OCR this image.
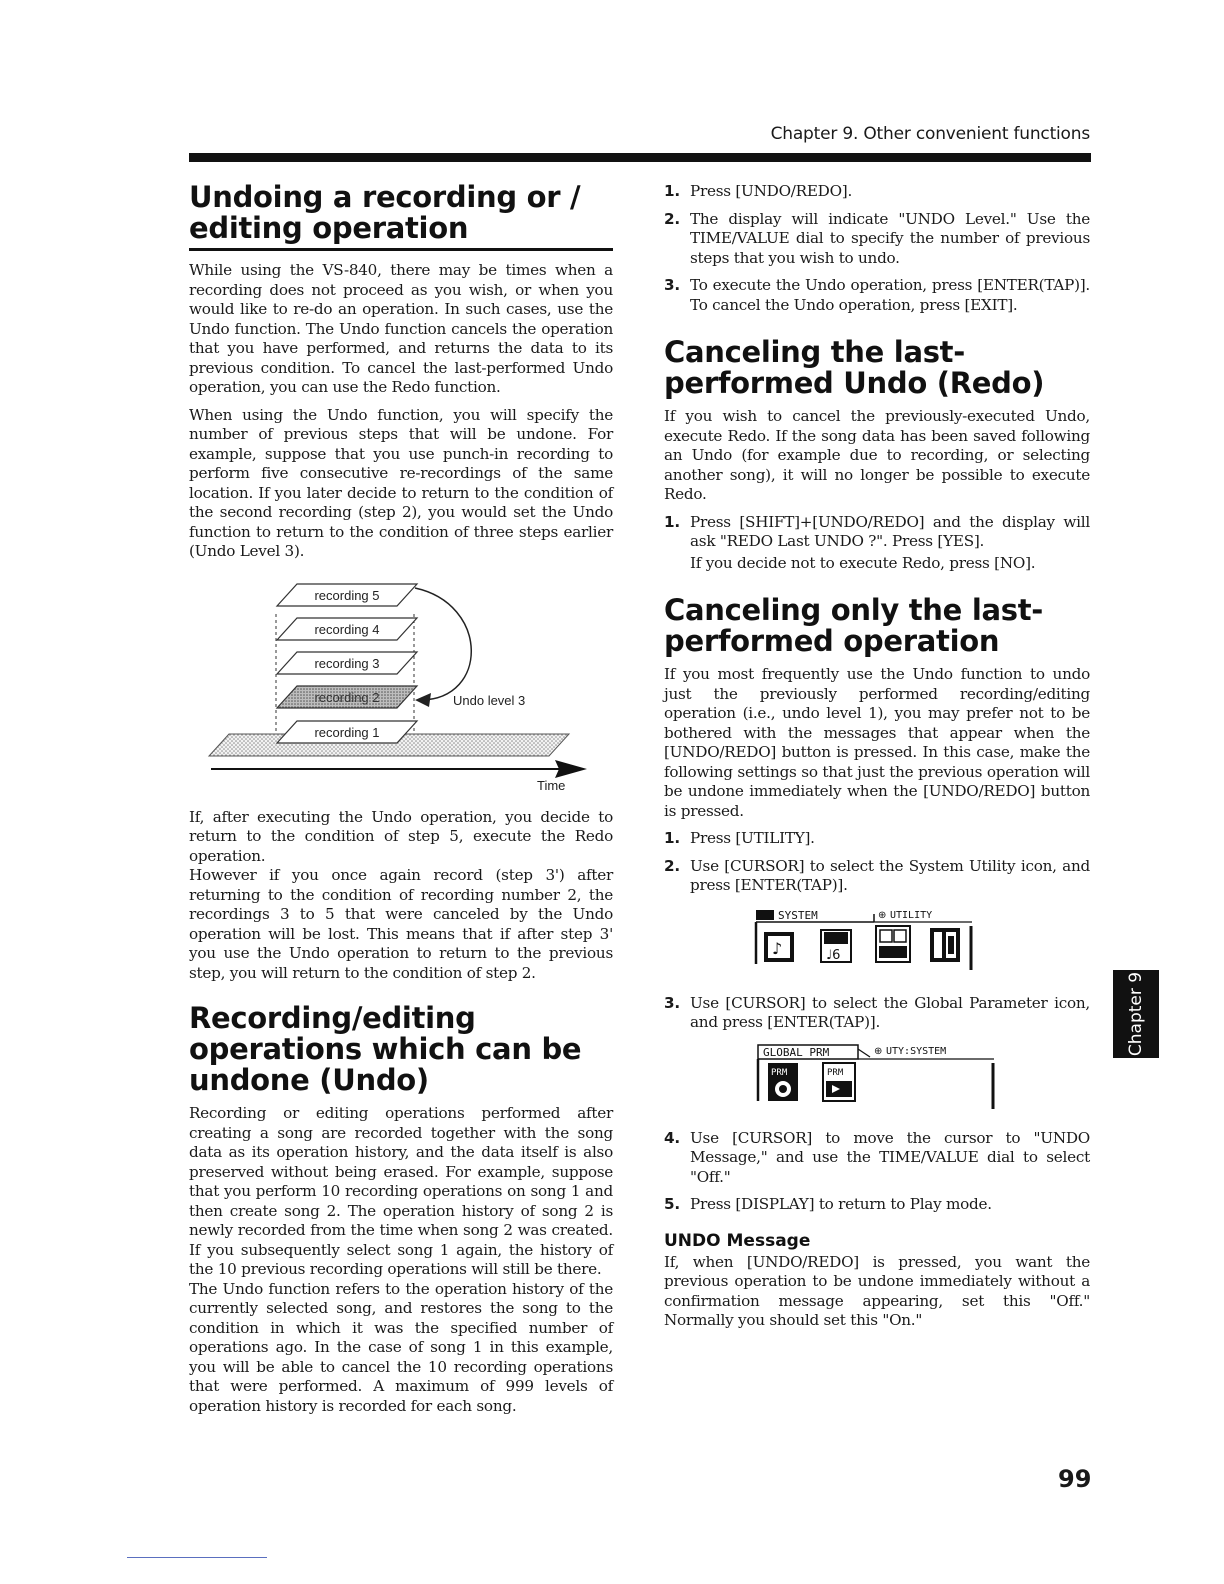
Chapter 9. Other convenient functions
Undoing a recording or / editing operation

While using the VS-840, there may be times when a recording does not proceed as you wish, or when you would like to re-do an operation. In such cases, use the Undo function. The Undo function cancels the operation that you have performed, and returns the data to its previous condition. To cancel the last-performed Undo operation, you can use the Redo function.

When using the Undo function, you will specify the number of previous steps that will be undone. For example, suppose that you use punch-in recording to perform five consecutive re-recordings of the same location. If you later decide to return to the condition of the second recording (step 2), you would set the Undo function to return to the condition of three steps earlier (Undo Level 3).

recording 5
recording 4
recording 3
recording 2
recording 1
Undo level 3
Time

If, after executing the Undo operation, you decide to return to the condition of step 5, execute the Redo operation.

However if you once again record (step 3') after returning to the condition of recording number 2, the recordings 3 to 5 that were canceled by the Undo operation will be lost. This means that if after step 3' you use the Undo operation to return to the previous step, you will return to the condition of step 2.

Recording/editing operations which can be undone (Undo)

Recording or editing operations performed after creating a song are recorded together with the song data as its operation history, and the data itself is also preserved without being erased. For example, suppose that you perform 10 recording operations on song 1 and then create song 2. The operation history of song 2 is newly recorded from the time when song 2 was created. If you subsequently select song 1 again, the history of the 10 previous recording operations will still be there.

The Undo function refers to the operation history of the currently selected song, and restores the song to the condition in which it was the specified number of operations ago. In the case of song 1 in this example, you will be able to cancel the 10 recording operations that were performed. A maximum of 999 levels of operation history is recorded for each song.

1. Press [UNDO/REDO].
2. The display will indicate "UNDO Level." Use the TIME/VALUE dial to specify the number of previous steps that you wish to undo.
3. To execute the Undo operation, press [ENTER(TAP)]. To cancel the Undo operation, press [EXIT].
Canceling the last-performed Undo (Redo)

If you wish to cancel the previously-executed Undo, execute Redo. If the song data has been saved following an Undo (for example due to recording, or selecting another song), it will no longer be possible to execute Redo.

1. Press [SHIFT]+[UNDO/REDO] and the display will ask "REDO Last UNDO ?". Press [YES].

If you decide not to execute Redo, press [NO].

Canceling only the last-performed operation

If you most frequently use the Undo function to undo just the previously performed recording/editing operation (i.e., undo level 1), you may prefer not to be bothered with the messages that appear when the [UNDO/REDO] button is pressed. In this case, make the following settings so that just the previous operation will be undone immediately when the [UNDO/REDO] button is pressed.

1. Press [UTILITY].
2. Use [CURSOR] to select the System Utility icon, and press [ENTER(TAP)].
SYSTEM	⊕ UTILITY
♪	♩6
3. Use [CURSOR] to select the Global Parameter icon, and press [ENTER(TAP)].
GLOBAL PRM	⊕ UTY:SYSTEM
PRM	PRM
4. Use [CURSOR] to move the cursor to "UNDO Message," and use the TIME/VALUE dial to select "Off."
5. Press [DISPLAY] to return to Play mode.
UNDO Message

If, when [UNDO/REDO] is pressed, you want the previous operation to be undone immediately without a confirmation message appearing, set this "Off." Normally you should set this "On."

Chapter 9
99
